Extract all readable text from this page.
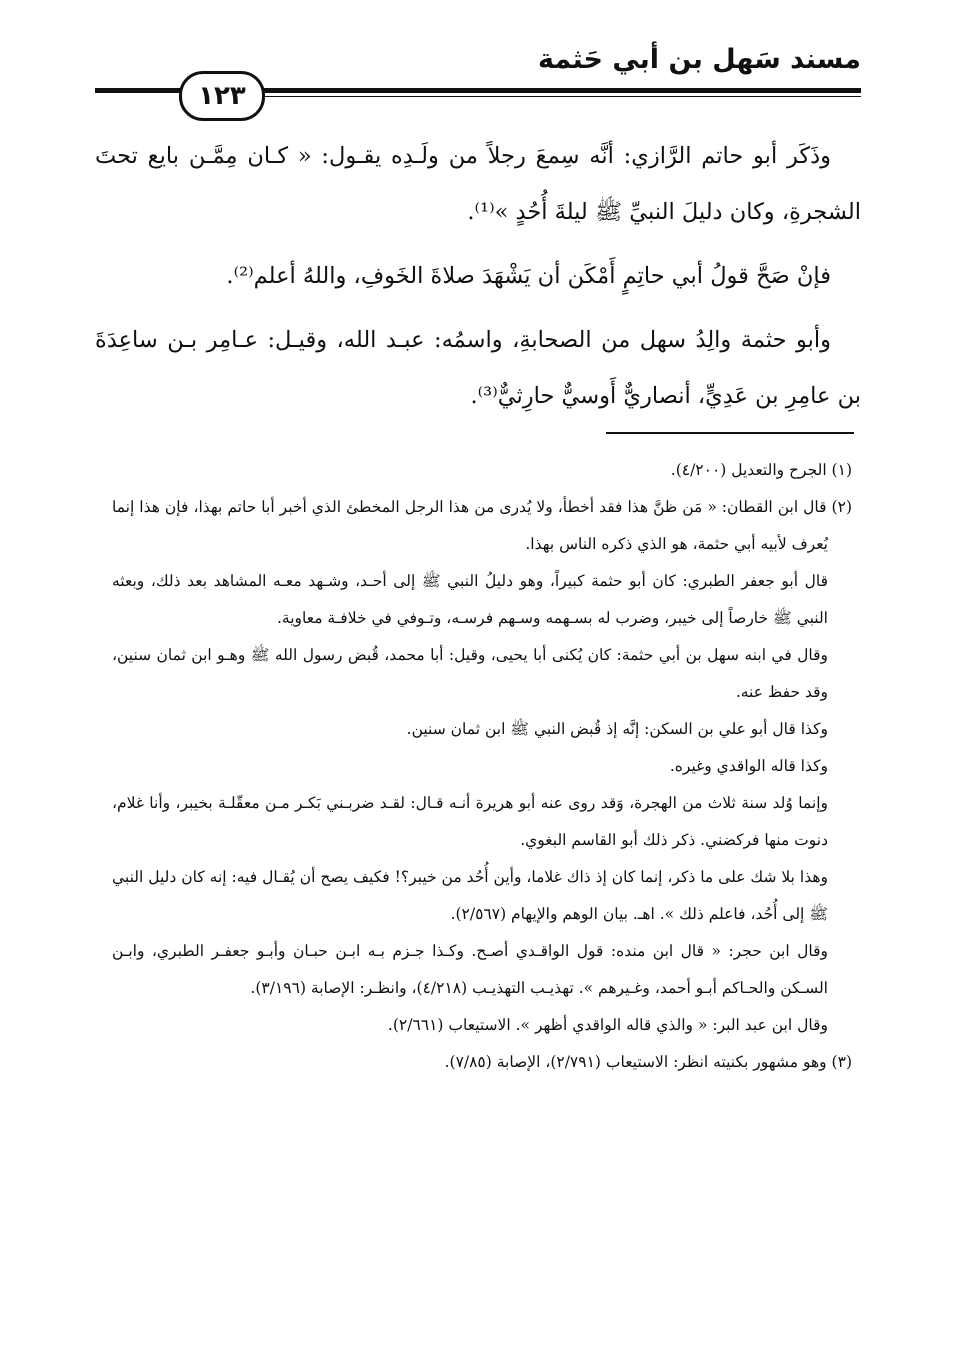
مسند سَهل بن أبي حَثمة
١٢٣

وذَكَر أبو حاتم الرَّازي: أنَّه سِمعَ رجلاً من ولَـدِه يقـول: « كـان مِمَّـن بايع تحتَ الشجرةِ، وكان دليلَ النبيِّ ﷺ ليلةَ أُحُدٍ »⁽¹⁾.

فإنْ صَحَّ قولُ أبي حاتِمٍ أَمْكَن أن يَشْهَدَ صلاةَ الخَوفِ، واللهُ أعلم⁽²⁾.

وأبو حثمة والِدُ سهل من الصحابةِ، واسمُه: عبـد الله، وقيـل: عـامِر بـن ساعِدَةَ بن عامِرِ بن عَدِيٍّ، أنصاريٌّ أَوسيٌّ حارِثيٌّ⁽³⁾.

(١) الجرح والتعديل (٤/٢٠٠).

(٢) قال ابن القطان: « مَن ظنَّ هذا فقد أخطأ، ولا يُدرى من هذا الرجل المخطئ الذي أخبر أبا حاتم بهذا، فإن هذا إنما يُعرف لأبيه أبي حثمة، هو الذي ذكره الناس بهذا.

قال أبو جعفر الطبري: كان أبو حثمة كبيراً، وهو دليلُ النبي ﷺ إلى أحـد، وشـهد معـه المشاهد بعد ذلك، وبعثه النبي ﷺ خارصاً إلى خيبر، وضرب له بسـهمه وسـهم فرسـه، وتـوفي في خلافـة معاوية.

وقال في ابنه سهل بن أبي حثمة: كان يُكنى أبا يحيى، وقيل: أبا محمد، قُبض رسول الله ﷺ وهـو ابن ثمان سنين، وقد حفظ عنه.

وكذا قال أبو علي بن السكن: إنَّه إذ قُبض النبي ﷺ ابن ثمان سنين.

وكذا قاله الواقدي وغيره.

وإنما وُلد سنة ثلاث من الهجرة، وَقد روى عنه أبو هريرة أنـه قـال: لقـد ضربـني بَكـر مـن معقّلـة بخيبر، وأنا غلام، دنوت منها فركضني. ذكر ذلك أبو القاسم البغوي.

وهذا بلا شك على ما ذكر، إنما كان إذ ذاك غلاما، وأين أُحُد من خيبر؟! فكيف يصح أن يُقـال فيه: إنه كان دليل النبي ﷺ إلى أُحُد، فاعلم ذلك ». اهـ. بيان الوهم والإيهام (٢/٥٦٧).

وقال ابن حجر: « قال ابن منده: قول الواقـدي أصـح. وكـذا جـزم بـه ابـن حبـان وأبـو جعفـر الطبري، وابـن السـكن والحـاكم أبـو أحمد، وغـيرهم ». تهذيـب التهذيـب (٤/٢١٨)، وانظـر: الإصابة (٣/١٩٦).

وقال ابن عبد البر: « والذي قاله الواقدي أظهر ». الاستيعاب (٢/٦٦١).

(٣) وهو مشهور بكنيته انظر: الاستيعاب (٢/٧٩١)، الإصابة (٧/٨٥).
